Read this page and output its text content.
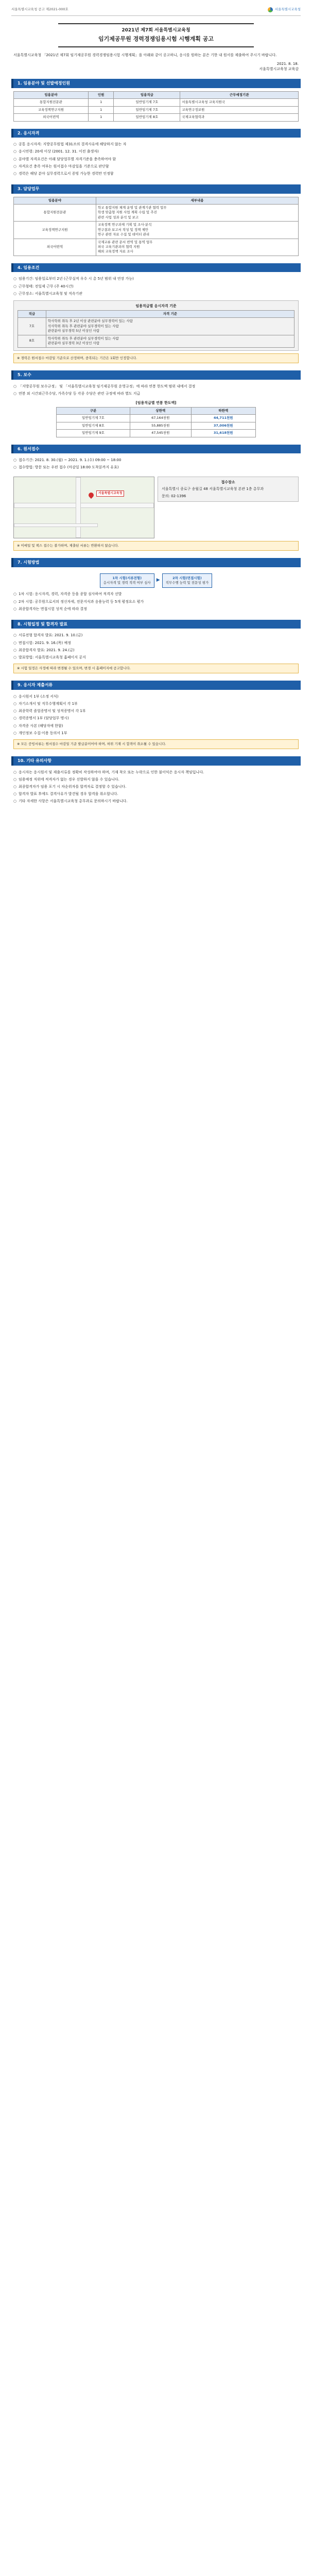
서울특별시교육청 공고 제2021-000호	서울특별시교육청
2021년 제7회 서울특별시교육청
임기제공무원 경력경쟁임용시험 시행계획 공고

서울특별시교육청 「2021년 제7회 임기제공무원 경력경쟁임용시험 시행계획」을 아래와 같이 공고하니, 응시를 원하는 분은 기한 내 원서를 제출하여 주시기 바랍니다.

2021. 8. 18.
서울특별시교육청 교육감
1. 임용분야 및 선발예정인원
임용분야	인원	임용직급	근무예정기관
통합지원전문관	1	일반임기제 7호	서울특별시교육청 교육지원국
교육정책연구지원	1	일반임기제 7호	교육연구정보원
외국어번역	1	일반임기제 8호	국제교육협력과
2. 응시자격
○ 공통 응시자격: 지방공무원법 제31조의 결격사유에 해당하지 않는 자
○ 응시연령: 20세 이상 (2001. 12. 31. 이전 출생자)
○ 분야별 자격요건은 아래 담당업무별 자격기준을 충족하여야 함
○ 자격요건 충족 여부는 원서접수 마감일을 기준으로 판단함
○ 경력은 해당 분야 실무경력으로서 증빙 가능한 경력만 인정함
3. 담당업무
임용분야	세부내용
통합지원전문관	학교 통합지원 체계 운영 및 관계기관 협력 업무
학생 맞춤형 지원 사업 계획 수립 및 추진
관련 사업 성과 분석 및 보고
교육정책연구지원	교육정책 연구과제 기획 및 조사·분석
연구결과 보고서 작성 및 정책 제안
연구 관련 자료 수집 및 데이터 관리
외국어번역	국제교류 관련 문서 번역 및 통역 업무
외국 교육기관과의 협력 지원
해외 교육정책 자료 조사
4. 임용조건
○ 임용기간: 임용일로부터 2년 (근무실적 우수 시 총 5년 범위 내 연장 가능)
○ 근무형태: 전일제 근무 (주 40시간)
○ 근무장소: 서울특별시교육청 및 직속기관
임용직급별 응시자격 기준
직급	자격 기준
7호	학사학위 취득 후 2년 이상 관련분야 실무경력이 있는 사람
석사학위 취득 후 관련분야 실무경력이 있는 사람
관련분야 실무경력 5년 이상인 사람
8호	학사학위 취득 후 관련분야 실무경력이 있는 사람
관련분야 실무경력 3년 이상인 사람
※ 경력은 원서접수 마감일 기준으로 산정하며, 중복되는 기간은 1회만 인정합니다.
5. 보수
○ 「지방공무원 보수규정」 및 「서울특별시교육청 임기제공무원 운영규정」에 따라 연봉 한도액 범위 내에서 결정
○ 연봉 외 시간외근무수당, 가족수당 등 각종 수당은 관련 규정에 따라 별도 지급
[임용직급별 연봉 한도액]
구분	상한액	하한액
일반임기제 7호	67,164천원	44,711천원
일반임기제 8호	55,885천원	37,006천원
일반임기제 9호	47,545천원	31,618천원
6. 원서접수
○ 접수기간: 2021. 8. 30.(월) ~ 2021. 9. 1.(수) 09:00 ~ 18:00
○ 접수방법: 방문 또는 우편 접수 (마감일 18:00 도착분까지 유효)
서울특별시교육청
접수장소
서울특별시 종로구 송월길 48 서울특별시교육청 본관 1층 총무과
문의: 02-1396
※ 이메일 및 팩스 접수는 불가하며, 제출된 서류는 반환하지 않습니다.
7. 시험방법
1차 시험(서류전형)
응시자격 및 경력 적격 여부 심사 ▶	2차 시험(면접시험)
직무수행 능력 및 전문성 평가
○ 1차 시험: 응시자격, 경력, 자격증 등을 종합 심사하여 적격자 선발
○ 2차 시험: 공무원으로서의 정신자세, 전문지식과 응용능력 등 5개 평정요소 평가
○ 최종합격자는 면접시험 성적 순에 따라 결정
8. 시험일정 및 합격자 발표
○ 서류전형 합격자 발표: 2021. 9. 10.(금)
○ 면접시험: 2021. 9. 16.(목) 예정
○ 최종합격자 발표: 2021. 9. 24.(금)
○ 발표방법: 서울특별시교육청 홈페이지 공지
※ 시험 일정은 사정에 따라 변경될 수 있으며, 변경 시 홈페이지에 공고합니다.
9. 응시자 제출서류
○ 응시원서 1부 (소정 서식)
○ 자기소개서 및 직무수행계획서 각 1부
○ 최종학력 졸업증명서 및 성적증명서 각 1부
○ 경력증명서 1부 (담당업무 명시)
○ 자격증 사본 (해당자에 한함)
○ 개인정보 수집·이용 동의서 1부
※ 모든 증빙서류는 원서접수 마감일 기준 발급분이어야 하며, 허위 기재 시 합격이 취소될 수 있습니다.
10. 기타 유의사항
○ 응시자는 응시원서 및 제출서류를 정확히 작성하여야 하며, 기재 착오 또는 누락으로 인한 불이익은 응시자 책임입니다.
○ 임용예정 직위에 적격자가 없는 경우 선발하지 않을 수 있습니다.
○ 최종합격자가 임용 포기 시 차순위자를 합격자로 결정할 수 있습니다.
○ 합격자 발표 후에도 결격사유가 발견될 경우 합격을 취소합니다.
○ 기타 자세한 사항은 서울특별시교육청 총무과로 문의하시기 바랍니다.
